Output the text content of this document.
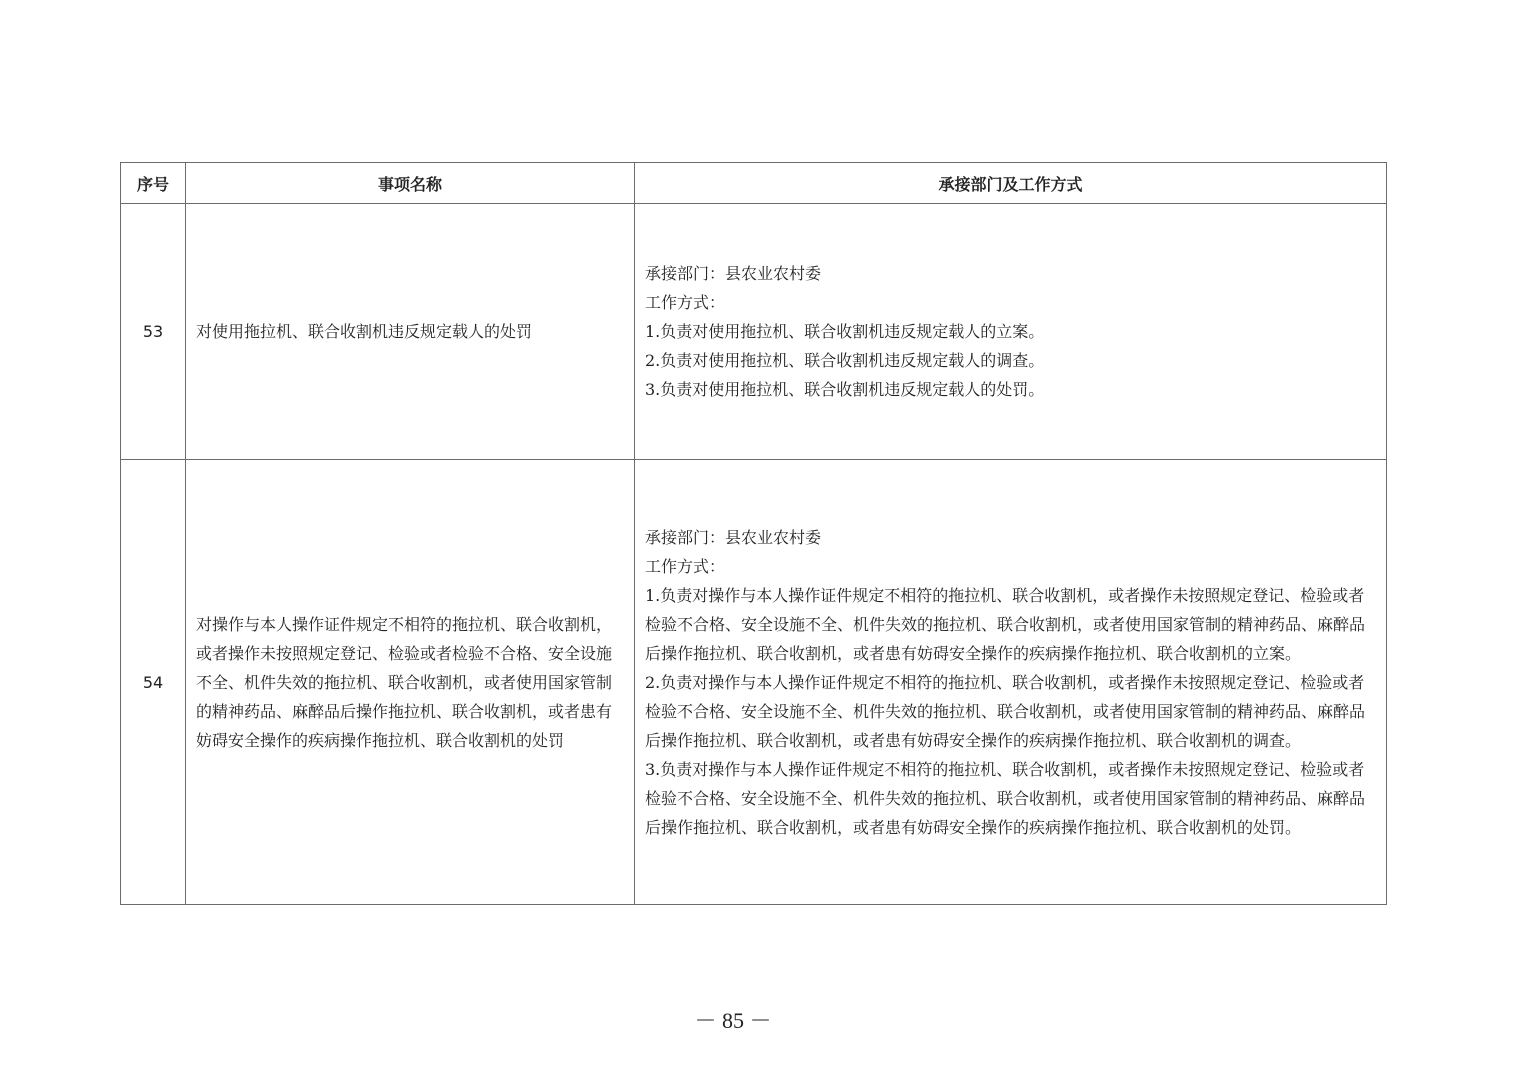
序号	事项名称	承接部门及工作方式
53	对使用拖拉机、联合收割机违反规定载人的处罚	承接部门：县农业农村委
工作方式：
1.负责对使用拖拉机、联合收割机违反规定载人的立案。
2.负责对使用拖拉机、联合收割机违反规定载人的调查。
3.负责对使用拖拉机、联合收割机违反规定载人的处罚。

54	对操作与本人操作证件规定不相符的拖拉机、联合收割机，或者操作未按照规定登记、检验或者检验不合格、安全设施不全、机件失效的拖拉机、联合收割机，或者使用国家管制的精神药品、麻醉品后操作拖拉机、联合收割机，或者患有妨碍安全操作的疾病操作拖拉机、联合收割机的处罚	承接部门：县农业农村委
工作方式：
1.负责对操作与本人操作证件规定不相符的拖拉机、联合收割机，或者操作未按照规定登记、检验或者检验不合格、安全设施不全、机件失效的拖拉机、联合收割机，或者使用国家管制的精神药品、麻醉品后操作拖拉机、联合收割机，或者患有妨碍安全操作的疾病操作拖拉机、联合收割机的立案。
2.负责对操作与本人操作证件规定不相符的拖拉机、联合收割机，或者操作未按照规定登记、检验或者检验不合格、安全设施不全、机件失效的拖拉机、联合收割机，或者使用国家管制的精神药品、麻醉品后操作拖拉机、联合收割机，或者患有妨碍安全操作的疾病操作拖拉机、联合收割机的调查。
3.负责对操作与本人操作证件规定不相符的拖拉机、联合收割机，或者操作未按照规定登记、检验或者检验不合格、安全设施不全、机件失效的拖拉机、联合收割机，或者使用国家管制的精神药品、麻醉品后操作拖拉机、联合收割机，或者患有妨碍安全操作的疾病操作拖拉机、联合收割机的处罚。
－ 85 －
